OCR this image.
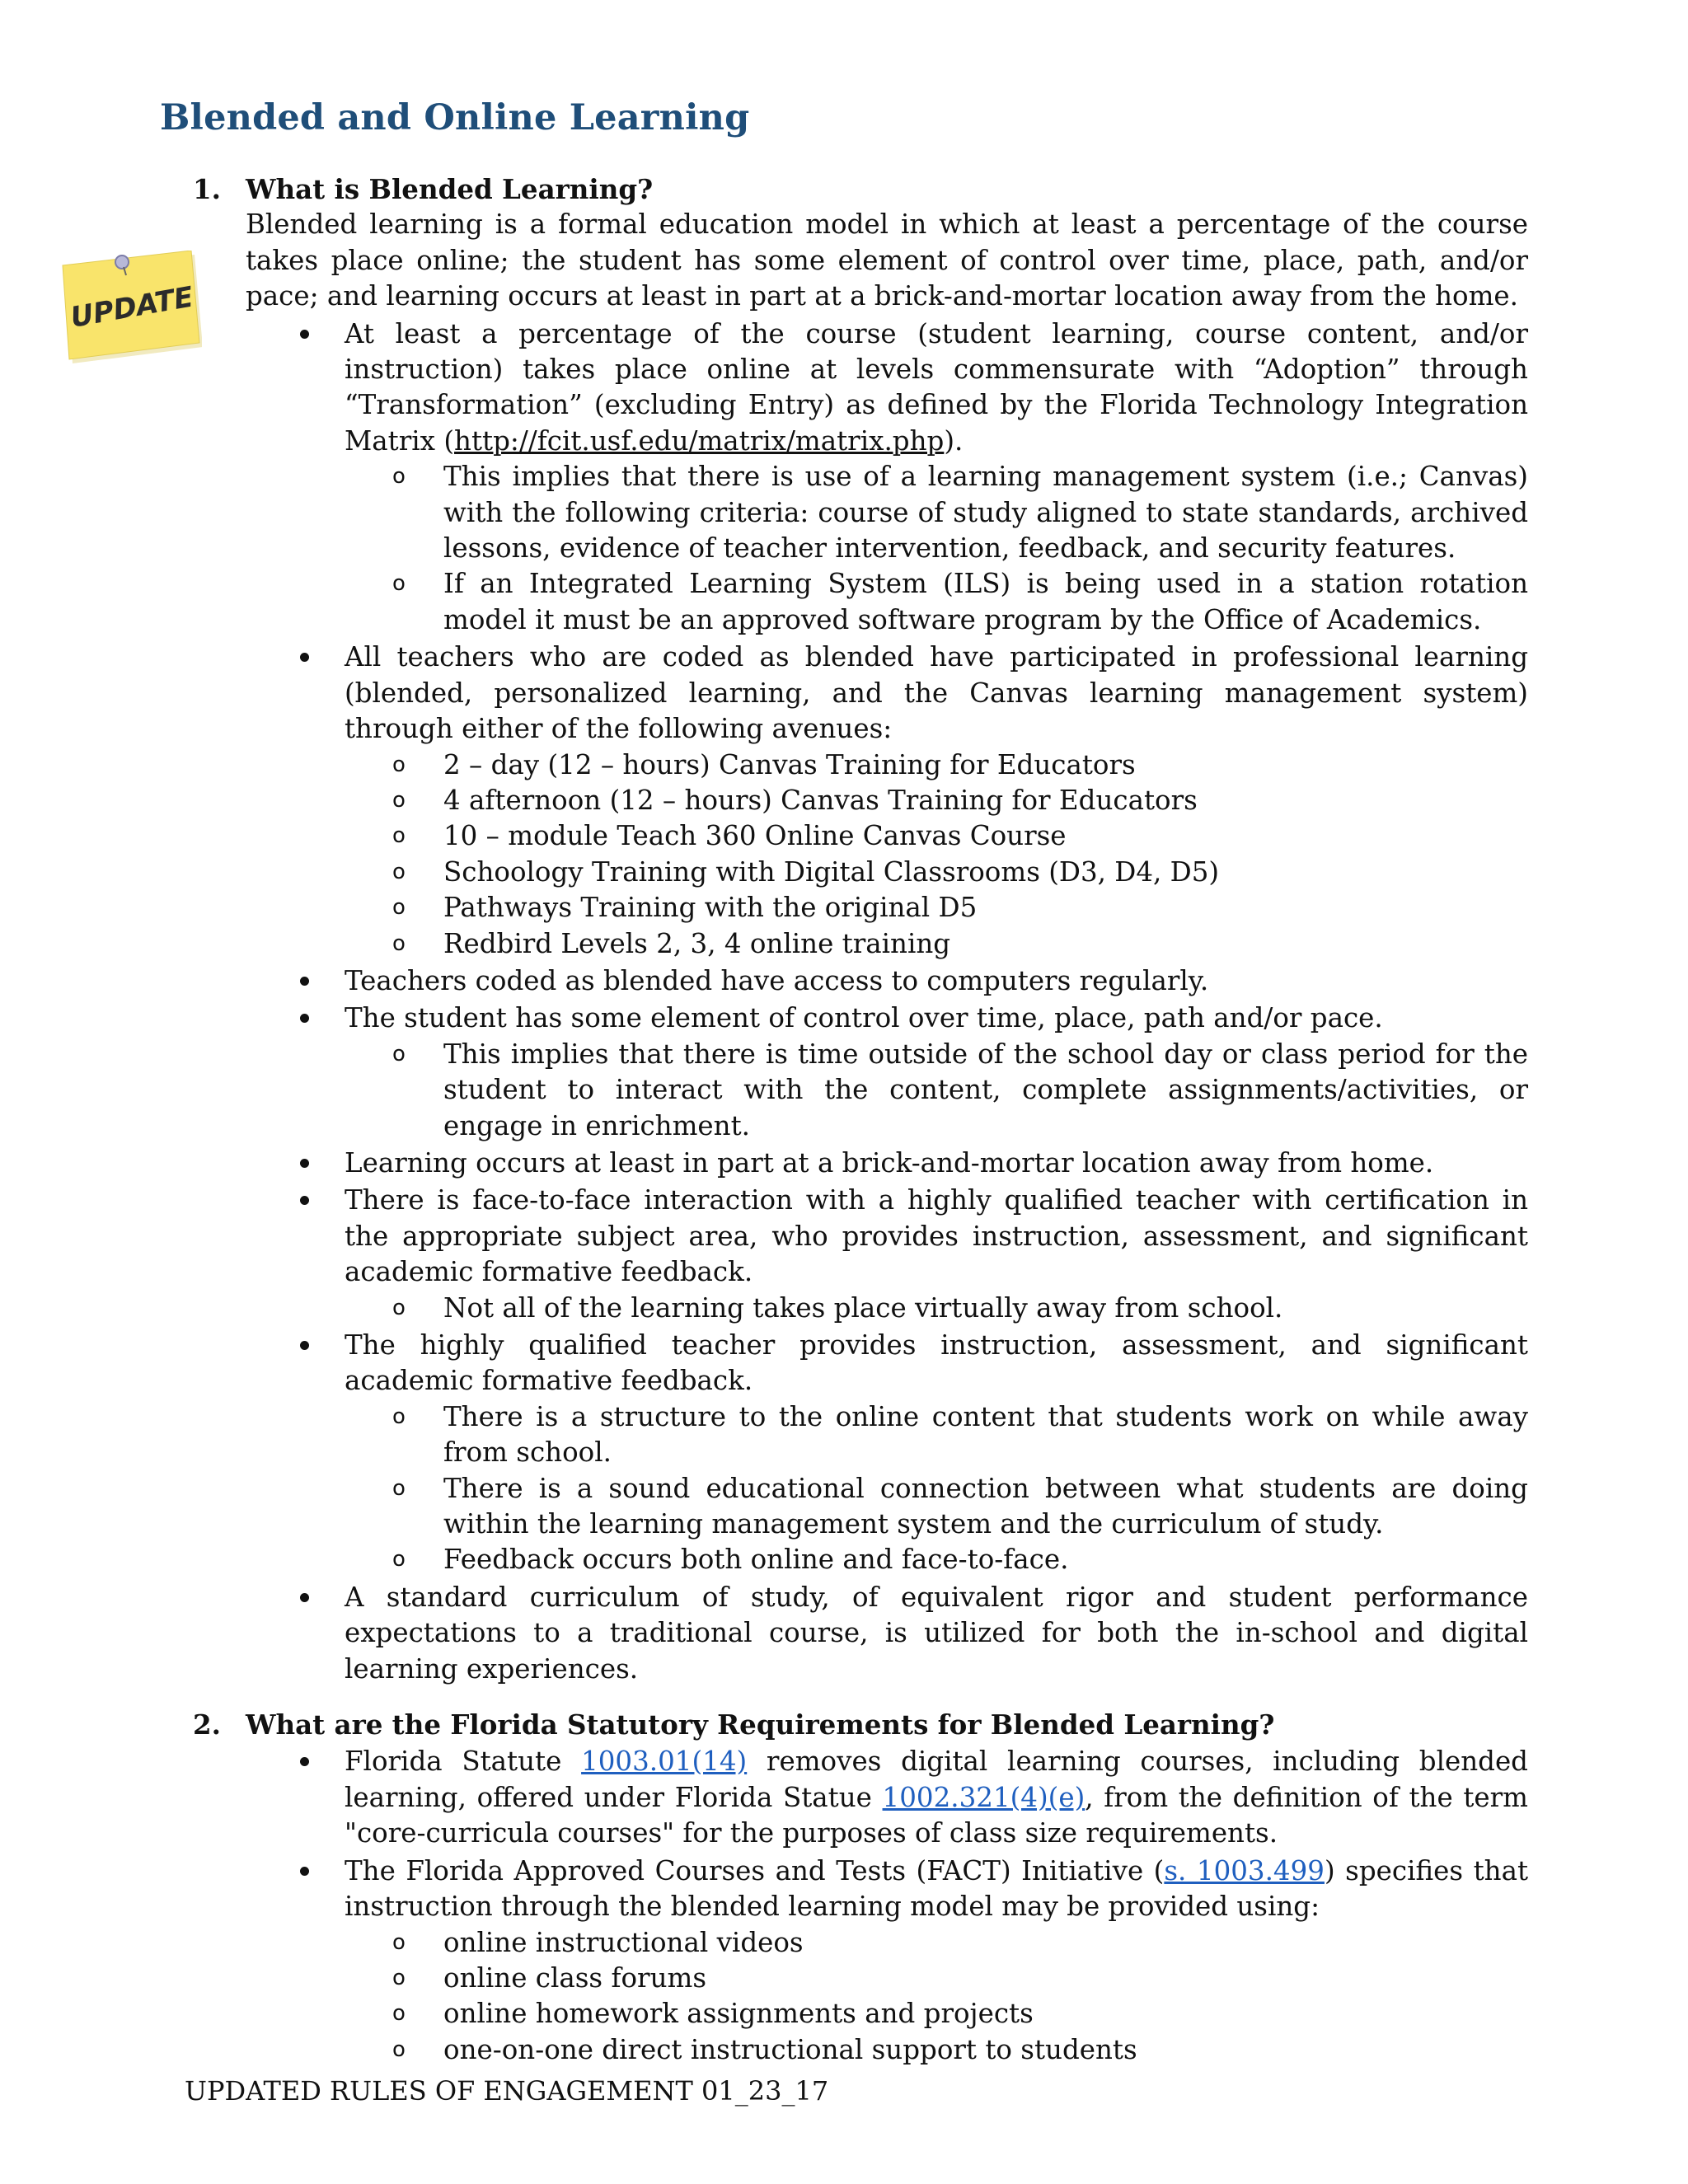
UPDATE
Blended and Online Learning
1. What is Blended Learning?
Blended learning is a formal education model in which at least a percentage of the course takes place online; the student has some element of control over time, place, path, and/or pace; and learning occurs at least in part at a brick-and-mortar location away from the home.
At least a percentage of the course (student learning, course content, and/or instruction) takes place online at levels commensurate with “Adoption” through “Transformation” (excluding Entry) as defined by the Florida Technology Integration Matrix (http://fcit.usf.edu/matrix/matrix.php).
o This implies that there is use of a learning management system (i.e.; Canvas) with the following criteria: course of study aligned to state standards, archived lessons, evidence of teacher intervention, feedback, and security features.
o If an Integrated Learning System (ILS) is being used in a station rotation model it must be an approved software program by the Office of Academics.
All teachers who are coded as blended have participated in professional learning (blended, personalized learning, and the Canvas learning management system) through either of the following avenues:
o 2 – day (12 – hours) Canvas Training for Educators
o 4 afternoon (12 – hours) Canvas Training for Educators
o 10 – module Teach 360 Online Canvas Course
o Schoology Training with Digital Classrooms (D3, D4, D5)
o Pathways Training with the original D5
o Redbird Levels 2, 3, 4 online training
Teachers coded as blended have access to computers regularly.
The student has some element of control over time, place, path and/or pace.
o This implies that there is time outside of the school day or class period for the student to interact with the content, complete assignments/activities, or engage in enrichment.
Learning occurs at least in part at a brick-and-mortar location away from home.
There is face-to-face interaction with a highly qualified teacher with certification in the appropriate subject area, who provides instruction, assessment, and significant academic formative feedback.
o Not all of the learning takes place virtually away from school.
The highly qualified teacher provides instruction, assessment, and significant academic formative feedback.
o There is a structure to the online content that students work on while away from school.
o There is a sound educational connection between what students are doing within the learning management system and the curriculum of study.
o Feedback occurs both online and face-to-face.
A standard curriculum of study, of equivalent rigor and student performance expectations to a traditional course, is utilized for both the in-school and digital learning experiences.
2. What are the Florida Statutory Requirements for Blended Learning?
Florida Statute 1003.01(14) removes digital learning courses, including blended learning, offered under Florida Statue 1002.321(4)(e), from the definition of the term "core-curricula courses" for the purposes of class size requirements.
The Florida Approved Courses and Tests (FACT) Initiative (s. 1003.499) specifies that instruction through the blended learning model may be provided using:
o online instructional videos
o online class forums
o online homework assignments and projects
o one-on-one direct instructional support to students
UPDATED RULES OF ENGAGEMENT 01_23_17
